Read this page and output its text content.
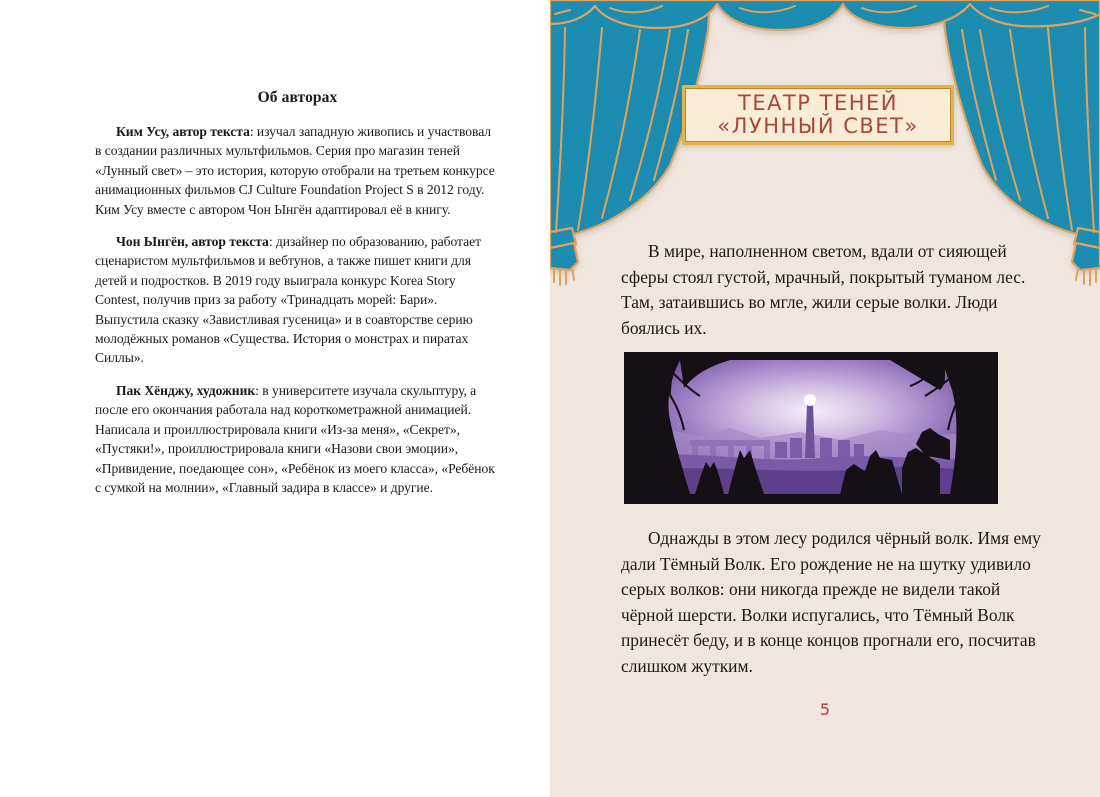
Об авторах

Ким Усу, автор текста: изучал западную живопись и участвовал в создании различных мультфильмов. Серия про магазин теней «Лунный свет» – это история, которую отобрали на третьем конкурсе анимационных фильмов CJ Culture Foundation Project S в 2012 году. Ким Усу вместе с автором Чон Ынгён адаптировал её в книгу.

Чон Ынгён, автор текста: дизайнер по образованию, работает сценаристом мультфильмов и вебтунов, а также пишет книги для детей и подростков. В 2019 году выиграла конкурс Korea Story Contest, получив приз за работу «Тринадцать морей: Бари». Выпустила сказку «Завистливая гусеница» и в соавторстве серию молодёжных романов «Существа. История о монстрах и пиратах Силлы».

Пак Хёнджу, художник: в университете изучала скульптуру, а после его окончания работала над короткометражной анимацией. Написала и проиллюстрировала книги «Из-за меня», «Секрет», «Пустяки!», проиллюстрировала книги «Назови свои эмоции», «Привидение, поедающее сон», «Ребёнок из моего класса», «Ребёнок с сумкой на молнии», «Главный задира в классе» и другие.

ТЕАТР ТЕНЕЙ
«ЛУННЫЙ СВЕТ»

В мире, наполненном светом, вдали от сияющей сферы стоял густой, мрачный, покрытый туманом лес. Там, затаившись во мгле, жили серые волки. Люди боялись их.

Однажды в этом лесу родился чёрный волк. Имя ему дали Тёмный Волк. Его рождение не на шутку удивило серых волков: они никогда прежде не видели такой чёрной шерсти. Волки испугались, что Тёмный Волк принесёт беду, и в конце концов прогнали его, посчитав слишком жутким.

5
